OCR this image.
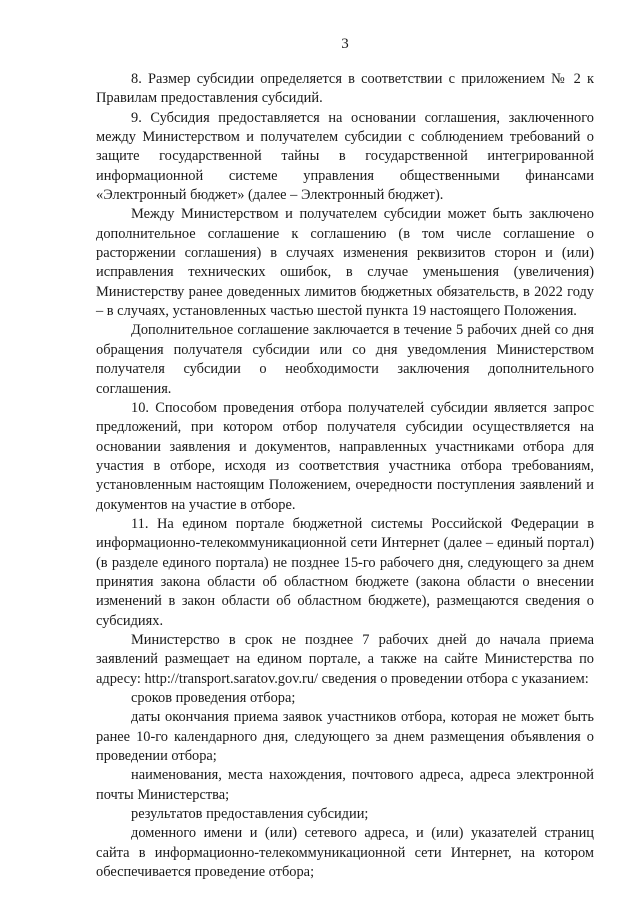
3

8. Размер субсидии определяется в соответствии с приложением № 2 к Правилам предоставления субсидий.

9. Субсидия предоставляется на основании соглашения, заключенного между Министерством и получателем субсидии с соблюдением требований о защите государственной тайны в государственной интегрированной информационной системе управления общественными финансами «Электронный бюджет» (далее – Электронный бюджет).

Между Министерством и получателем субсидии может быть заключено дополнительное соглашение к соглашению (в том числе соглашение о расторжении соглашения) в случаях изменения реквизитов сторон и (или) исправления технических ошибок, в случае уменьшения (увеличения) Министерству ранее доведенных лимитов бюджетных обязательств, в 2022 году – в случаях, установленных частью шестой пункта 19 настоящего Положения.

Дополнительное соглашение заключается в течение 5 рабочих дней со дня обращения получателя субсидии или со дня уведомления Министерством получателя субсидии о необходимости заключения дополнительного соглашения.

10. Способом проведения отбора получателей субсидии является запрос предложений, при котором отбор получателя субсидии осуществляется на основании заявления и документов, направленных участниками отбора для участия в отборе, исходя из соответствия участника отбора требованиям, установленным настоящим Положением, очередности поступления заявлений и документов на участие в отборе.

11. На едином портале бюджетной системы Российской Федерации в информационно-телекоммуникационной сети Интернет (далее – единый портал) (в разделе единого портала) не позднее 15-го рабочего дня, следующего за днем принятия закона области об областном бюджете (закона области о внесении изменений в закон области об областном бюджете), размещаются сведения о субсидиях.

Министерство в срок не позднее 7 рабочих дней до начала приема заявлений размещает на едином портале, а также на сайте Министерства по адресу: http://transport.saratov.gov.ru/ сведения о проведении отбора с указанием:

сроков проведения отбора;

даты окончания приема заявок участников отбора, которая не может быть ранее 10-го календарного дня, следующего за днем размещения объявления о проведении отбора;

наименования, места нахождения, почтового адреса, адреса электронной почты Министерства;

результатов предоставления субсидии;

доменного имени и (или) сетевого адреса, и (или) указателей страниц сайта в информационно-телекоммуникационной сети Интернет, на котором обеспечивается проведение отбора;
